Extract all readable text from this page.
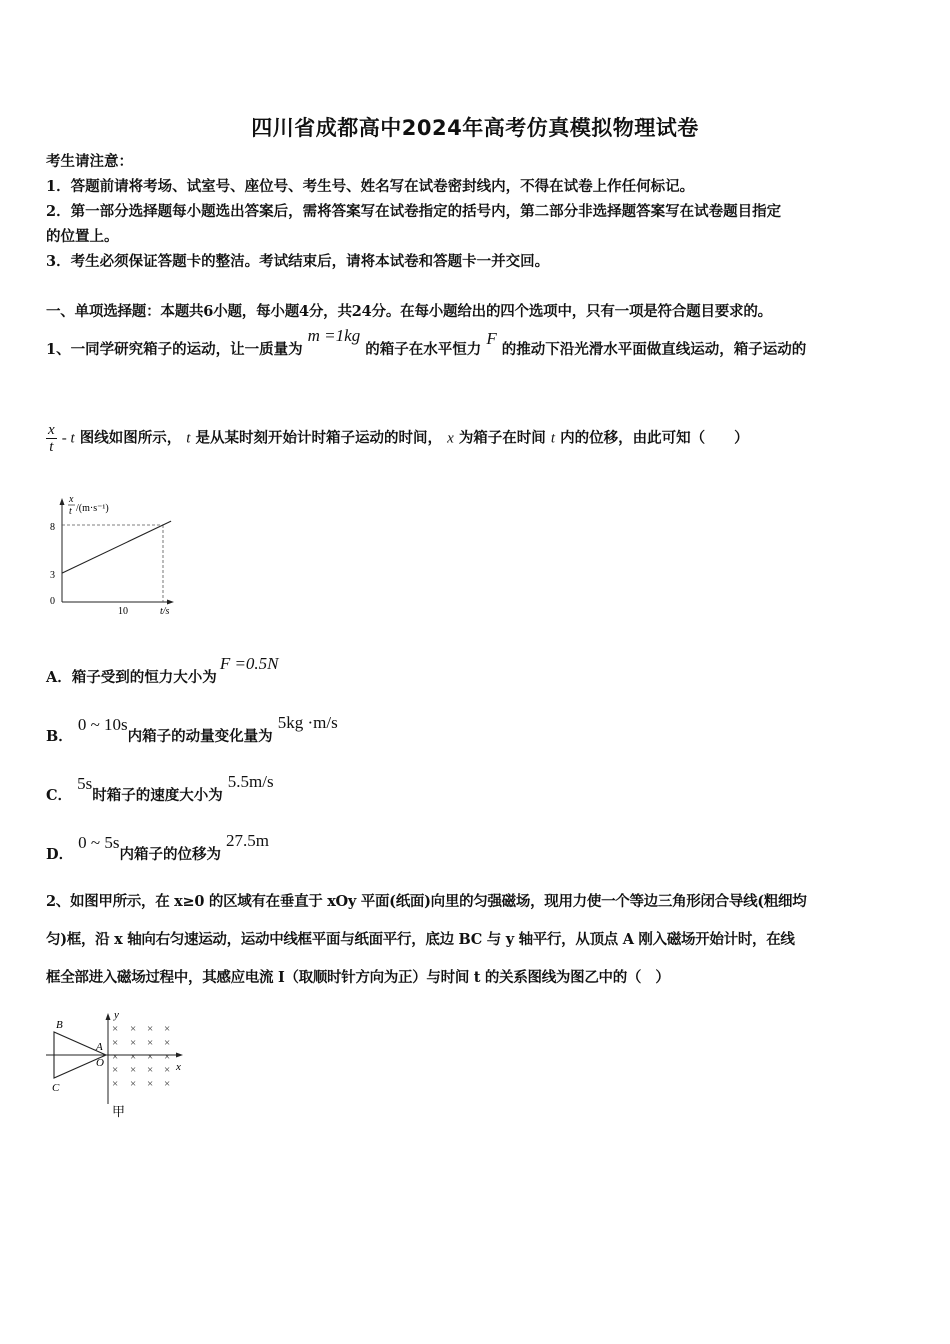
四川省成都高中2024年高考仿真模拟物理试卷
考生请注意：
1．答题前请将考场、试室号、座位号、考生号、姓名写在试卷密封线内，不得在试卷上作任何标记。
2．第一部分选择题每小题选出答案后，需将答案写在试卷指定的括号内，第二部分非选择题答案写在试卷题目指定
的位置上。
3．考生必须保证答题卡的整洁。考试结束后，请将本试卷和答题卡一并交回。
一、单项选择题：本题共6小题，每小题4分，共24分。在每小题给出的四个选项中，只有一项是符合题目要求的。
1、一同学研究箱子的运动，让一质量为 m =1kg 的箱子在水平恒力 F 的推动下沿光滑水平面做直线运动，箱子运动的
$\frac{x}{t}$ - t 图线如图所示， t 是从某时刻开始计时箱子运动的时间， x 为箱子在时间 t 内的位移，由此可知（　　）
x
t /(m·s⁻¹)
8
3
0
10	t/s
A．箱子受到的恒力大小为 F =0.5N
B． 0 ~ 10s内箱子的动量变化量为 5kg ·m/s
C． 5s时箱子的速度大小为 5.5m/s
D． 0 ~ 5s内箱子的位移为 27.5m
2、如图甲所示，在 x≥0 的区域有在垂直于 xOy 平面(纸面)向里的匀强磁场，现用力使一个等边三角形闭合导线(粗细均
匀)框，沿 x 轴向右匀速运动，运动中线框平面与纸面平行，底边 BC 与 y 轴平行，从顶点 A 刚入磁场开始计时，在线
框全部进入磁场过程中，其感应电流 I（取顺时针方向为正）与时间 t 的关系图线为图乙中的（　）
B
C
A
O	x
y
× × × ×
× × × ×
× × × ×
× × × ×
× × × ×
甲
